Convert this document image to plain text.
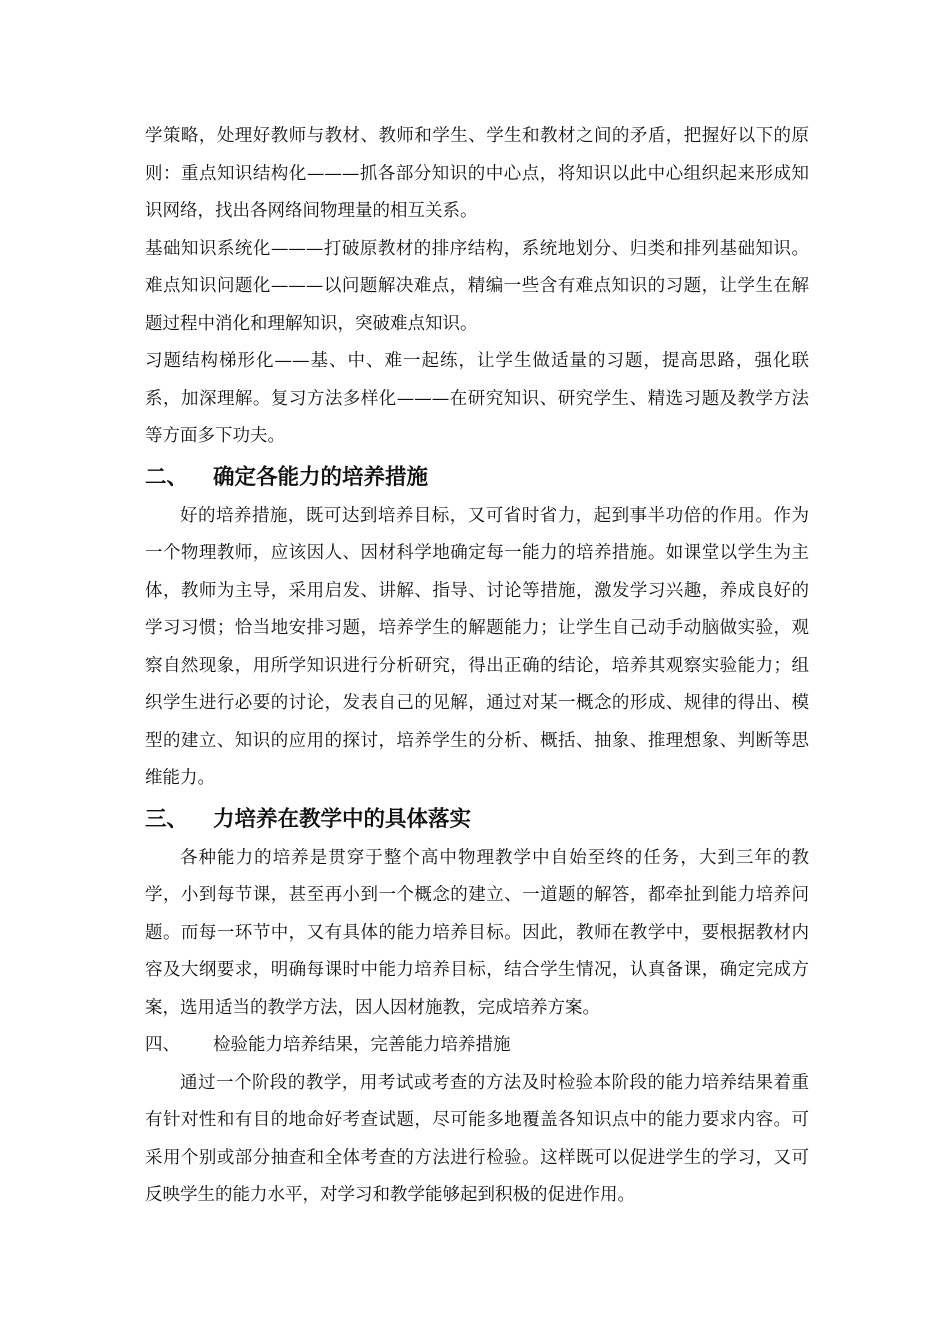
学策略，处理好教师与教材、教师和学生、学生和教材之间的矛盾，把握好以下的原则：重点知识结构化———抓各部分知识的中心点，将知识以此中心组织起来形成知识网络，找出各网络间物理量的相互关系。

基础知识系统化———打破原教材的排序结构，系统地划分、归类和排列基础知识。难点知识问题化———以问题解决难点，精编一些含有难点知识的习题，让学生在解题过程中消化和理解知识，突破难点知识。

习题结构梯形化——基、中、难一起练，让学生做适量的习题，提高思路，强化联系，加深理解。复习方法多样化———在研究知识、研究学生、精选习题及教学方法等方面多下功夫。

二、	确定各能力的培养措施

好的培养措施，既可达到培养目标，又可省时省力，起到事半功倍的作用。作为一个物理教师，应该因人、因材科学地确定每一能力的培养措施。如课堂以学生为主体，教师为主导，采用启发、讲解、指导、讨论等措施，激发学习兴趣，养成良好的学习习惯；恰当地安排习题，培养学生的解题能力；让学生自己动手动脑做实验，观察自然现象，用所学知识进行分析研究，得出正确的结论，培养其观察实验能力；组织学生进行必要的讨论，发表自己的见解，通过对某一概念的形成、规律的得出、模型的建立、知识的应用的探讨，培养学生的分析、概括、抽象、推理想象、判断等思维能力。

三、	力培养在教学中的具体落实

各种能力的培养是贯穿于整个高中物理教学中自始至终的任务，大到三年的教学，小到每节课，甚至再小到一个概念的建立、一道题的解答，都牵扯到能力培养问题。而每一环节中，又有具体的能力培养目标。因此，教师在教学中，要根据教材内容及大纲要求，明确每课时中能力培养目标，结合学生情况，认真备课，确定完成方案，选用适当的教学方法，因人因材施教，完成培养方案。

四、	检验能力培养结果，完善能力培养措施

通过一个阶段的教学，用考试或考查的方法及时检验本阶段的能力培养结果着重有针对性和有目的地命好考查试题，尽可能多地覆盖各知识点中的能力要求内容。可采用个别或部分抽查和全体考查的方法进行检验。这样既可以促进学生的学习，又可反映学生的能力水平，对学习和教学能够起到积极的促进作用。
